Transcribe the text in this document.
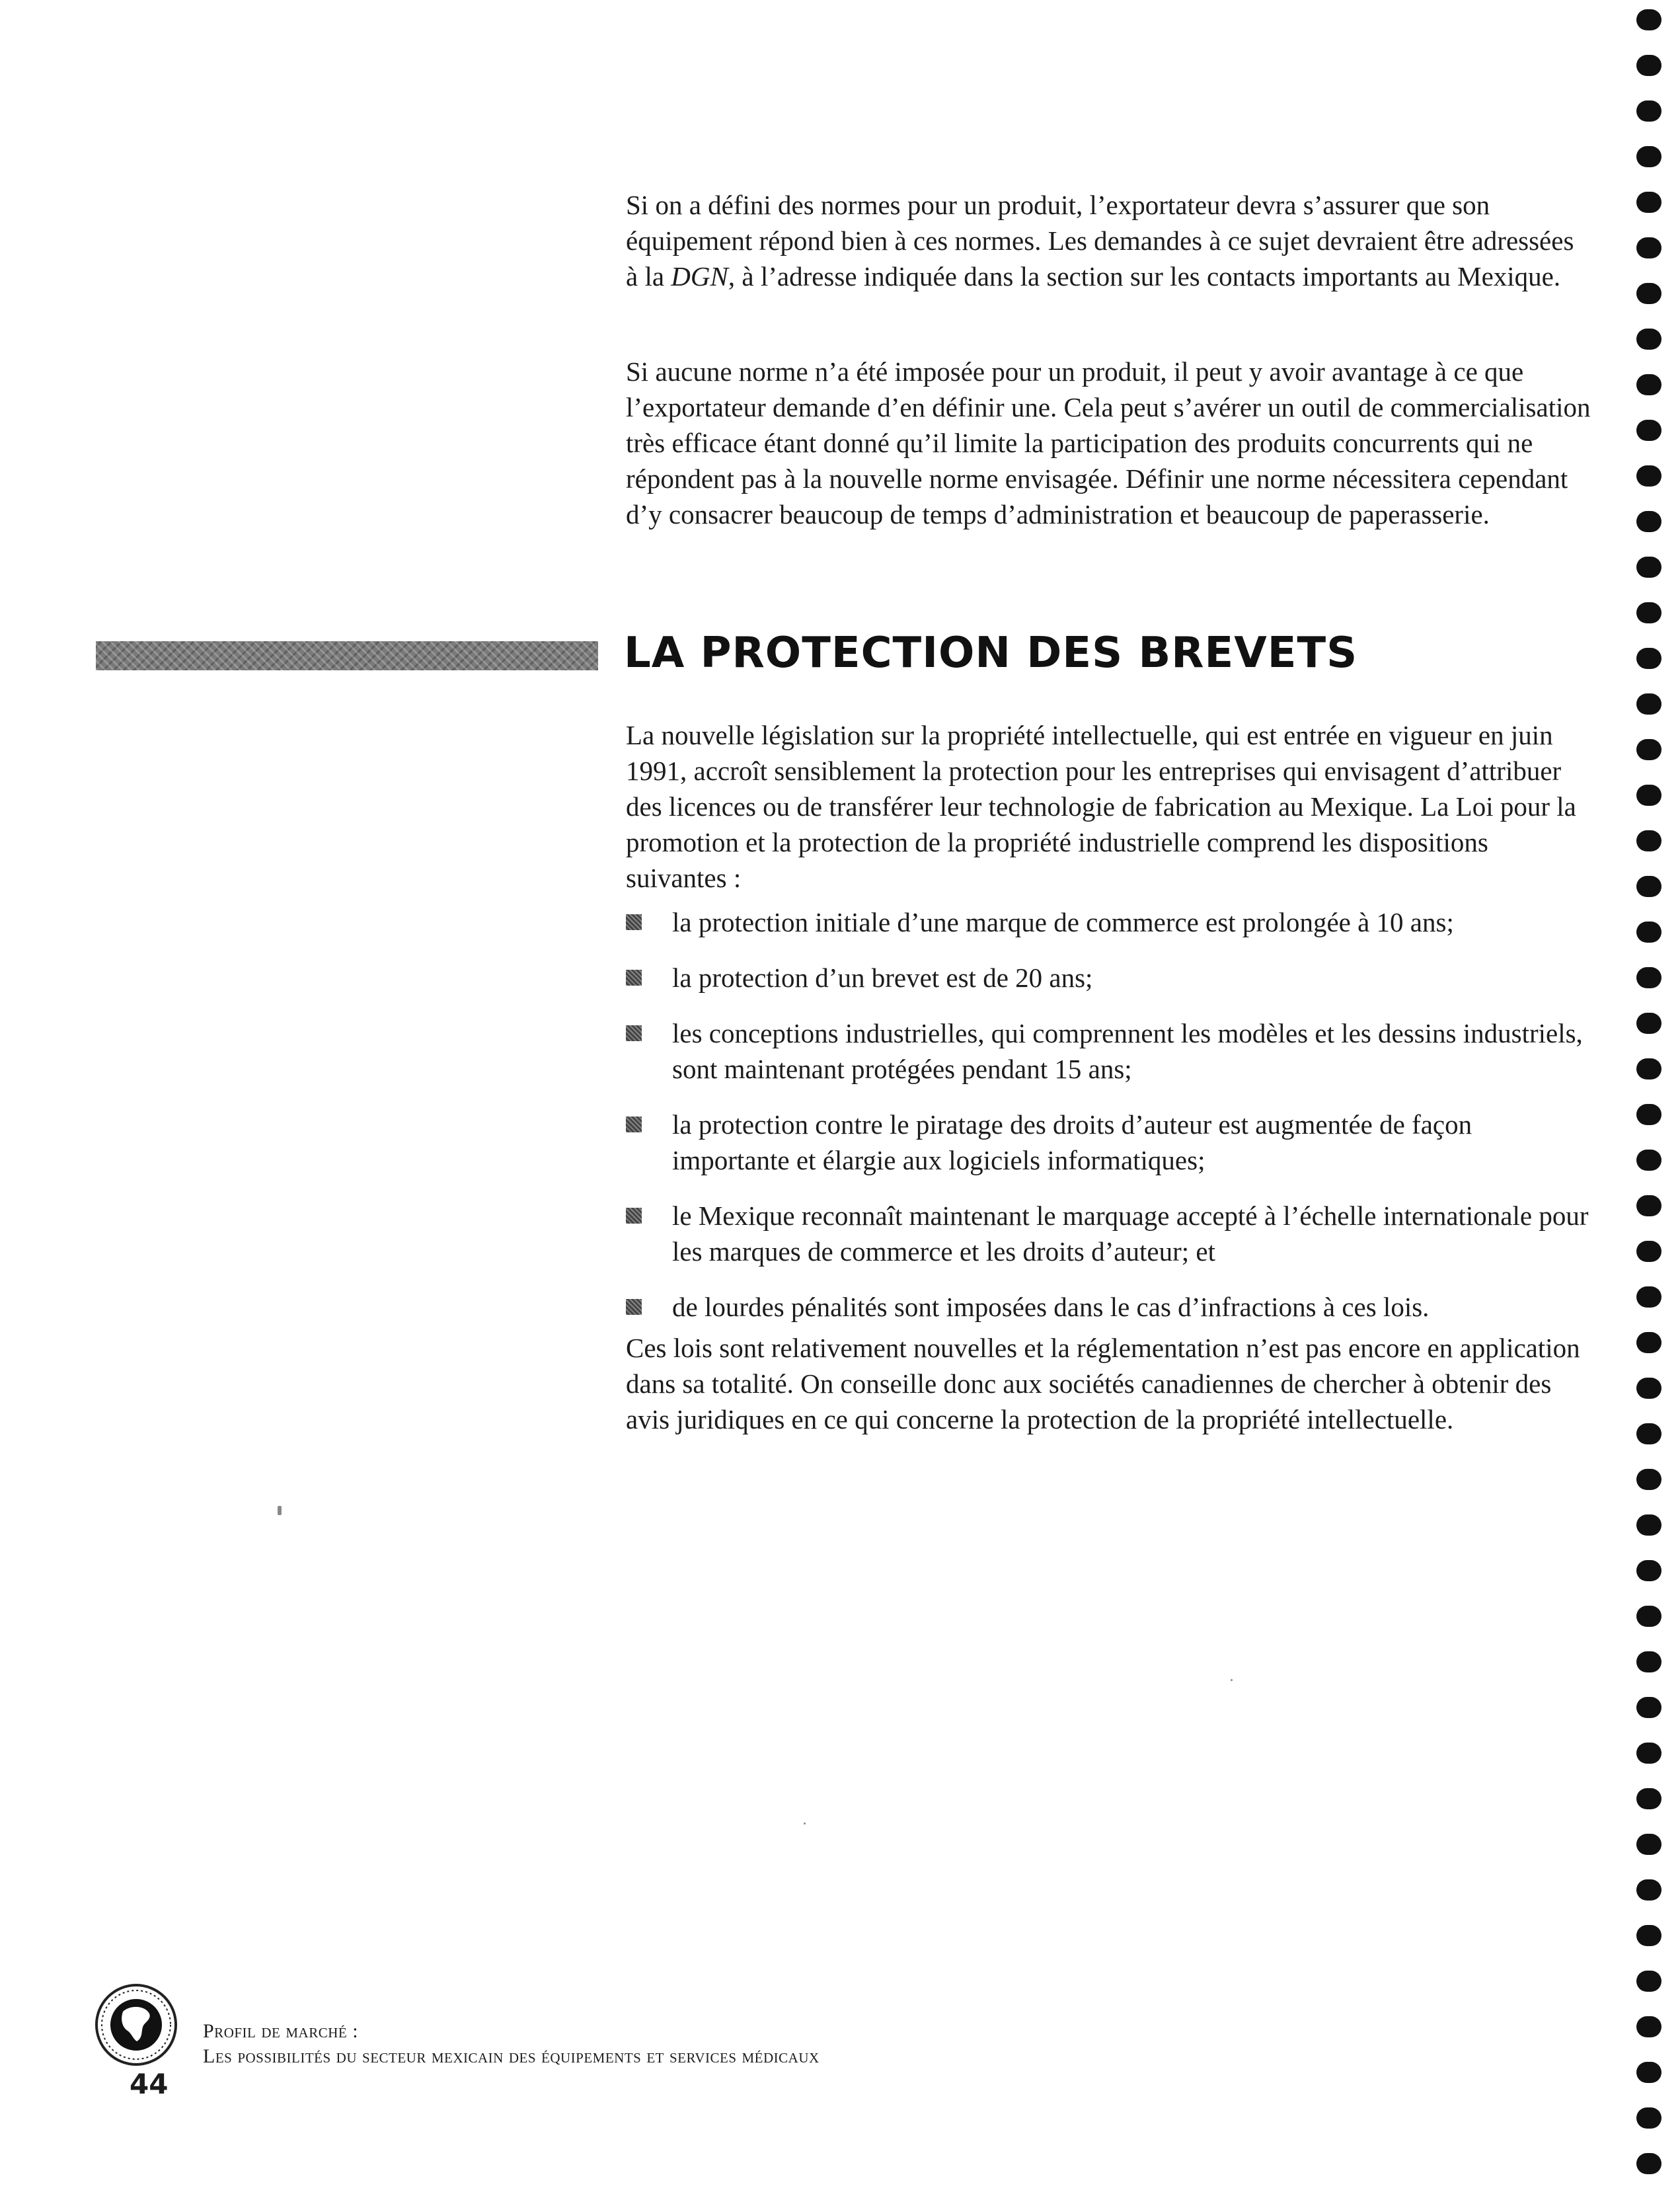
Si on a défini des normes pour un produit, l’exportateur devra s’assurer que son équipement répond bien à ces normes. Les demandes à ce sujet devraient être adressées à la DGN, à l’adresse indiquée dans la section sur les contacts importants au Mexique.

Si aucune norme n’a été imposée pour un produit, il peut y avoir avantage à ce que l’exportateur demande d’en définir une. Cela peut s’avérer un outil de commercialisation très efficace étant donné qu’il limite la participation des produits concurrents qui ne répondent pas à la nouvelle norme envisagée. Définir une norme nécessitera cependant d’y consacrer beaucoup de temps d’administration et beaucoup de paperasserie.

LA PROTECTION DES BREVETS

La nouvelle législation sur la propriété intellectuelle, qui est entrée en vigueur en juin 1991, accroît sensiblement la protection pour les entreprises qui envisagent d’attribuer des licences ou de transférer leur technologie de fabrication au Mexique. La Loi pour la promotion et la protection de la propriété industrielle comprend les dispositions suivantes :

la protection initiale d’une marque de commerce est prolongée à 10 ans;
la protection d’un brevet est de 20 ans;
les conceptions industrielles, qui comprennent les modèles et les dessins industriels, sont maintenant protégées pendant 15 ans;
la protection contre le piratage des droits d’auteur est augmentée de façon importante et élargie aux logiciels informatiques;
le Mexique reconnaît maintenant le marquage accepté à l’échelle internationale pour les marques de commerce et les droits d’auteur; et
de lourdes pénalités sont imposées dans le cas d’infractions à ces lois.

Ces lois sont relativement nouvelles et la réglementation n’est pas encore en application dans sa totalité. On conseille donc aux sociétés canadiennes de chercher à obtenir des avis juridiques en ce qui concerne la protection de la propriété intellectuelle.

Profil de marché :
Les possibilités du secteur mexicain des équipements et services médicaux

44
